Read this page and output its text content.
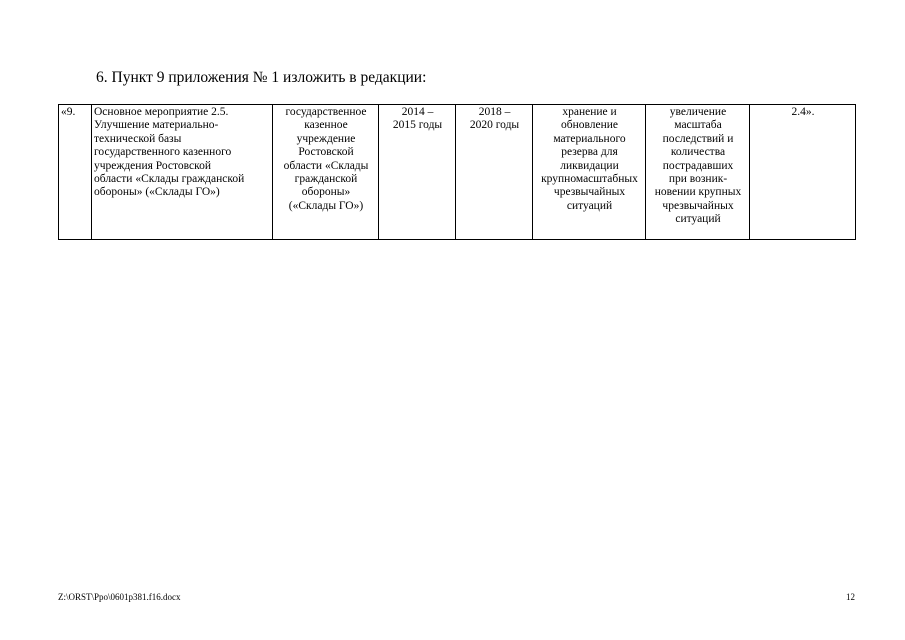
6. Пункт 9 приложения № 1 изложить в редакции:
«9.	Основное мероприятие 2.5.
Улучшение материально-
технической базы
государственного казенного
учреждения Ростовской
области «Склады гражданской
обороны» («Склады ГО»)	государственное
казенное
учреждение
Ростовской
области «Склады
гражданской
обороны»
(«Склады ГО»)	2014 –
2015 годы	2018 –
2020 годы	хранение и
обновление
материального
резерва для
ликвидации
крупномасштабных
чрезвычайных
ситуаций	увеличение
масштаба
последствий и
количества
пострадавших
при возник-
новении крупных
чрезвычайных
ситуаций	2.4».
Z:\ORST\Ppo\0601p381.f16.docx	12
